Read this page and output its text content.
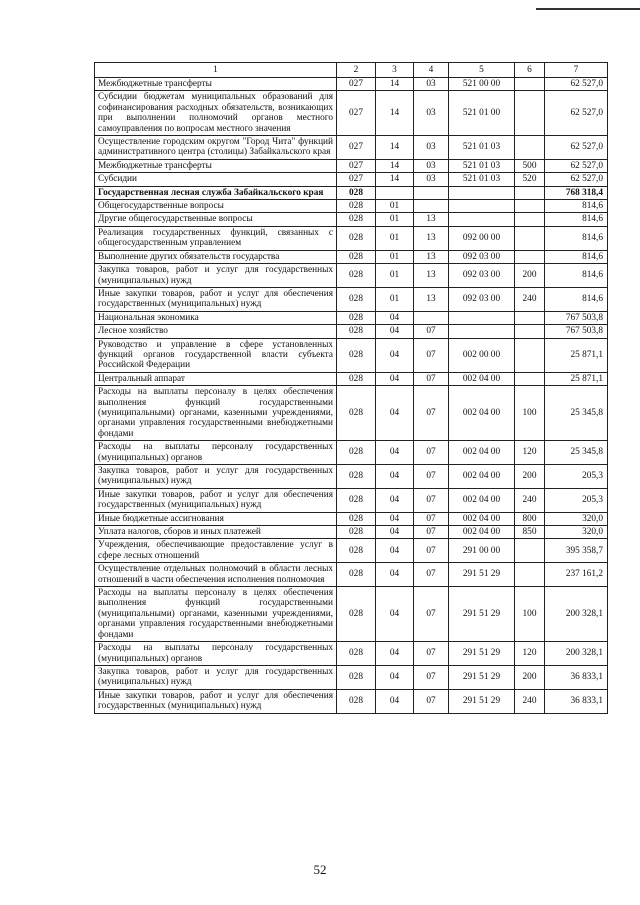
1	2	3	4	5	6	7
Межбюджетные трансферты	027	14	03	521 00 00		62 527,0
Субсидии бюджетам муниципальных образований для софинансирования расходных обязательств, возникающих при выполнении полномочий органов местного самоуправления по вопросам местного значения	027	14	03	521 01 00		62 527,0
Осуществление городским округом "Город Чита" функций административного центра (столицы) Забайкальского края	027	14	03	521 01 03		62 527,0
Межбюджетные трансферты	027	14	03	521 01 03	500	62 527,0
Субсидии	027	14	03	521 01 03	520	62 527,0
Государственная лесная служба Забайкальского края	028					768 318,4
Общегосударственные вопросы	028	01				814,6
Другие общегосударственные вопросы	028	01	13			814,6
Реализация государственных функций, связанных с общегосударственным управлением	028	01	13	092 00 00		814,6
Выполнение других обязательств государства	028	01	13	092 03 00		814,6
Закупка товаров, работ и услуг для государственных (муниципальных) нужд	028	01	13	092 03 00	200	814,6
Иные закупки товаров, работ и услуг для обеспечения государственных (муниципальных) нужд	028	01	13	092 03 00	240	814,6
Национальная экономика	028	04				767 503,8
Лесное хозяйство	028	04	07			767 503,8
Руководство и управление в сфере установленных функций органов государственной власти субъекта Российской Федерации	028	04	07	002 00 00		25 871,1
Центральный аппарат	028	04	07	002 04 00		25 871,1
Расходы на выплаты персоналу в целях обеспечения выполнения функций государственными (муниципальными) органами, казенными учреждениями, органами управления государственными внебюджетными фондами	028	04	07	002 04 00	100	25 345,8
Расходы на выплаты персоналу государственных (муниципальных) органов	028	04	07	002 04 00	120	25 345,8
Закупка товаров, работ и услуг для государственных (муниципальных) нужд	028	04	07	002 04 00	200	205,3
Иные закупки товаров, работ и услуг для обеспечения государственных (муниципальных) нужд	028	04	07	002 04 00	240	205,3
Иные бюджетные ассигнования	028	04	07	002 04 00	800	320,0
Уплата налогов, сборов и иных платежей	028	04	07	002 04 00	850	320,0
Учреждения, обеспечивающие предоставление услуг в сфере лесных отношений	028	04	07	291 00 00		395 358,7
Осуществление отдельных полномочий в области лесных отношений в части обеспечения исполнения полномочия	028	04	07	291 51 29		237 161,2
Расходы на выплаты персоналу в целях обеспечения выполнения функций государственными (муниципальными) органами, казенными учреждениями, органами управления государственными внебюджетными фондами	028	04	07	291 51 29	100	200 328,1
Расходы на выплаты персоналу государственных (муниципальных) органов	028	04	07	291 51 29	120	200 328,1
Закупка товаров, работ и услуг для государственных (муниципальных) нужд	028	04	07	291 51 29	200	36 833,1
Иные закупки товаров, работ и услуг для обеспечения государственных (муниципальных) нужд	028	04	07	291 51 29	240	36 833,1
52
